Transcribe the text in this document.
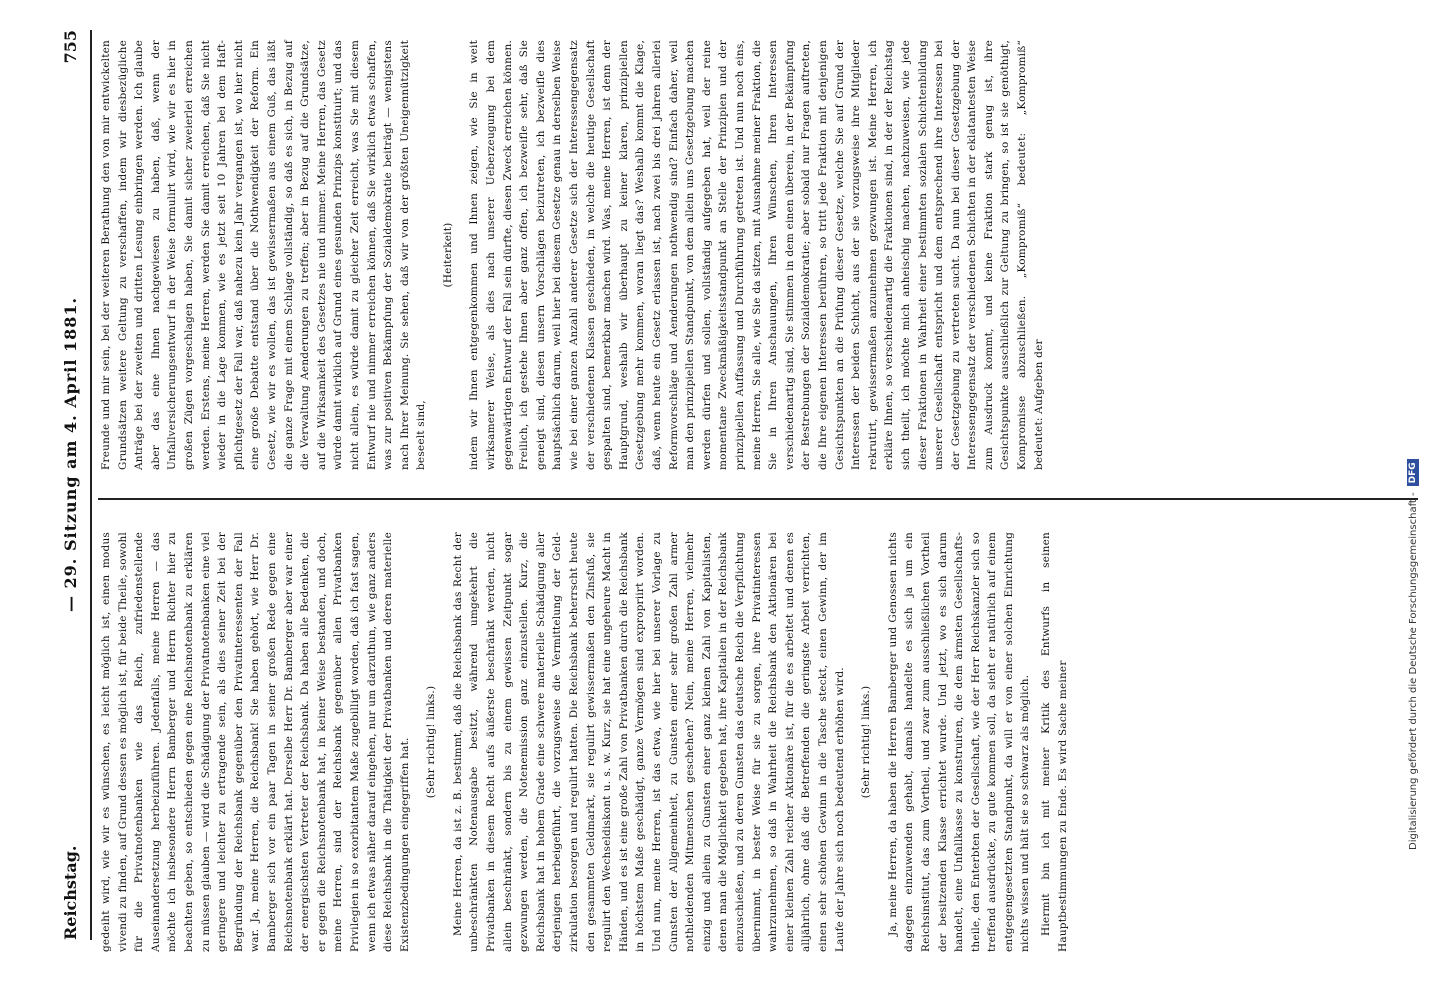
Reichstag.
— 29. Sitzung am 4. April 1881.
755

gedeiht wird, wie wir es wünschen, es leicht möglich ist, einen modus vivendi zu finden, auf Grund dessen es möglich ist, für beide Theile, sowohl für die Privatnotenbanken wie das Reich, zufriedenstellende Auseinandersetzung herbeizuführen. Jedenfalls, meine Herren — das möchte ich insbesondere Herrn Bamberger und Herrn Richter hier zu beachten geben, so entschieden gegen eine Reichsnotenbank zu erklären zu müssen glauben — wird die Schädigung der Privatnotenbanken eine viel geringere und leichter zu ertragende sein, als dies seiner Zeit bei der Begründung der Reichsbank gegenüber den Privatinteressenten der Fall war. Ja, meine Herren, die Reichsbank! Sie haben gehört, wie Herr Dr. Bamberger sich vor ein paar Tagen in seiner großen Rede gegen eine Reichsnotenbank erklärt hat. Derselbe Herr Dr. Bamberger aber war einer der energischsten Vertreter der Reichsbank. Da haben alle Bedenken, die er gegen die Reichsnotenbank hat, in keiner Weise bestanden, und doch, meine Herren, sind der Reichsbank gegenüber allen Privatbanken Privilegien in so exorbitantem Maße zugebilligt worden, daß ich fast sagen, wenn ich etwas näher darauf eingehen, nur um darzuthun, wie ganz anders diese Reichsbank in die Thätigkeit der Privatbanken und deren materielle Existenzbedingungen eingegriffen hat. (Sehr richtig! links.) Meine Herren, da ist z. B. bestimmt, daß die Reichsbank das Recht der unbeschränkten Notenausgabe besitzt, während umgekehrt die Privatbanken in diesem Recht aufs äußerste beschränkt werden, nicht allein beschränkt, sondern bis zu einem gewissen Zeitpunkt sogar gezwungen werden, die Notenemission ganz einzustellen. Kurz, die Reichsbank hat in hohem Grade eine schwere materielle Schädigung aller derjenigen herbeigeführt, die vorzugsweise die Vermittelung der Geldzirkulation besorgen und regulirt hatten. Die Reichsbank beherrscht heute den gesammten Geldmarkt, sie regulirt gewissermaßen den Zinsfuß, sie regulirt den Wechseldiskont u. s. w. Kurz, sie hat eine ungeheure Macht in Händen, und es ist eine große Zahl von Privatbanken durch die Reichsbank in höchstem Maße geschädigt, ganze Vermögen sind expropriirt worden. Und nun, meine Herren, ist das etwa, wie hier bei unserer Vorlage zu Gunsten der Allgemeinheit, zu Gunsten einer sehr großen Zahl armer nothleidenden Mitmenschen geschehen? Nein, meine Herren, vielmehr einzig und allein zu Gunsten einer ganz kleinen Zahl von Kapitalisten, denen man die Möglichkeit gegeben hat, ihre Kapitalien in der Reichsbank einzuschießen, und zu deren Gunsten das deutsche Reich die Verpflichtung übernimmt, in bester Weise für sie zu sorgen, ihre Privatinteressen wahrzunehmen, so daß in Wahrheit die Reichsbank den Aktionären bei einer kleinen Zahl reicher Aktionäre ist, für die es arbeitet und denen es alljährlich, ohne daß die Betreffenden die geringste Arbeit verrichten, einen sehr schönen Gewinn in die Tasche steckt, einen Gewinn, der im Laufe der Jahre sich noch bedeutend erhöhen wird. (Sehr richtig! links.) Ja, meine Herren, da haben die Herren Bamberger und Genossen nichts dagegen einzuwenden gehabt, damals handelte es sich ja um ein Reichsinstitut, das zum Vortheil, und zwar zum ausschließlichen Vortheil der besitzenden Klasse errichtet wurde. Und jetzt, wo es sich darum handelt, eine Unfallkasse zu konstruiren, die dem ärmsten Gesellschaftstheile, den Enterbten der Gesellschaft, wie der Herr Reichskanzler sich so treffend ausdrückte, zu gute kommen soll, da sieht er natürlich auf einem entgegengesetzten Standpunkt, da will er von einer solchen Einrichtung nichts wissen und hält sie so schwarz als möglich. Hiermit bin ich mit meiner Kritik des Entwurfs in seinen Hauptbestimmungen zu Ende. Es wird Sache meiner

Freunde und mir sein, bei der weiteren Berathung den von mir entwickelten Grundsätzen weitere Geltung zu verschaffen, indem wir diesbezügliche Anträge bei der zweiten und dritten Lesung einbringen werden. Ich glaube aber das eine Ihnen nachgewiesen zu haben, daß, wenn der Unfallversicherungsentwurf in der Weise formulirt wird, wie wir es hier in großen Zügen vorgeschlagen haben, Sie damit sicher zweierlei erreichen werden. Erstens, meine Herren, werden Sie damit erreichen, daß Sie nicht wieder in die Lage kommen, wie es jetzt seit 10 Jahren bei dem Haftpflichtgesetz der Fall war, daß nahezu kein Jahr vergangen ist, wo hier nicht eine große Debatte entstand über die Nothwendigkeit der Reform. Ein Gesetz, wie wir es wollen, das ist gewissermaßen aus einem Guß, das läßt die ganze Frage mit einem Schlage vollständig, so daß es sich, in Bezug auf die Verwaltung Aenderungen zu treffen; aber in Bezug auf die Grundsätze, auf die Wirksamkeit des Gesetzes nie und nimmer. Meine Herren, das Gesetz würde damit wirklich auf Grund eines gesunden Prinzips konstituirt; und das nicht allein, es würde damit zu gleicher Zeit erreicht, was Sie mit diesem Entwurf nie und nimmer erreichen können, daß Sie wirklich etwas schaffen, was zur positiven Bekämpfung der Sozialdemokratie beiträgt — wenigstens nach Ihrer Meinung. Sie sehen, daß wir von der größten Uneigennützigkeit beseelt sind,

(Heiterkeit) indem wir Ihnen entgegenkommen und Ihnen zeigen, wie Sie in weit wirksamerer Weise, als dies nach unserer Ueberzeugung bei dem gegenwärtigen Entwurf der Fall sein dürfte, diesen Zweck erreichen können. Freilich, ich gestehe Ihnen aber ganz offen, ich bezweifle sehr, daß Sie geneigt sind, diesen unsern Vorschlägen beizutreten, ich bezweifle dies hauptsächlich darum, weil hier bei diesem Gesetze genau in derselben Weise wie bei einer ganzen Anzahl anderer Gesetze sich der Interessengegensatz der verschiedenen Klassen geschieden, in welche die heutige Gesellschaft gespalten sind, bemerkbar machen wird. Was, meine Herren, ist denn der Hauptgrund, weshalb wir überhaupt zu keiner klaren, prinzipiellen Gesetzgebung mehr kommen, woran liegt das? Weshalb kommt die Klage, daß, wenn heute ein Gesetz erlassen ist, nach zwei bis drei Jahren allerlei Reformvorschläge und Aenderungen nothwendig sind? Einfach daher, weil man den prinzipiellen Standpunkt, von dem allein uns Gesetzgebung machen werden dürfen und sollen, vollständig aufgegeben hat, weil der reine momentane Zweckmäßigkeitsstandpunkt an Stelle der Prinzipien und der prinzipiellen Auffassung und Durchführung getreten ist. Und nun noch eins, meine Herren, Sie alle, wie Sie da sitzen, mit Ausnahme meiner Fraktion, die Sie in Ihren Anschauungen, Ihren Wünschen, Ihren Interessen verschiedenartig sind, Sie stimmen in dem einen überein, in der Bekämpfung der Bestrebungen der Sozialdemokratie; aber sobald nur Fragen auftreten, die Ihre eigenen Interessen berühren, so tritt jede Fraktion mit denjenigen Gesichtspunkten an die Prüfung dieser Gesetze, welche Sie auf Grund der Interessen der beiden Schicht, aus der sie vorzugsweise ihre Mitglieder rekrutirt, gewissermaßen anzunehmen gezwungen ist. Meine Herren, ich erkläre Ihnen, so verschiedenartig die Fraktionen sind, in der der Reichstag sich theilt, ich möchte mich anheischig machen, nachzuweisen, wie jede dieser Fraktionen in Wahrheit einer bestimmten sozialen Schichtenbildung unserer Gesellschaft entspricht und dem entsprechend ihre Interessen bei der Gesetzgebung zu vertreten sucht. Da nun bei dieser Gesetzgebung der Interessengegensatz der verschiedenen Schichten in der eklatantesten Weise zum Ausdruck kommt, und keine Fraktion stark genug ist, ihre Gesichtspunkte ausschließlich zur Geltung zu bringen, so ist sie genöthigt, Kompromisse abzuschließen. „Kompromiß“ bedeutet: „Kompromiß“ bedeutet: Aufgeben der

Digitalisierung gefördert durch die Deutsche Forschungsgemeinschaft -
DFG
